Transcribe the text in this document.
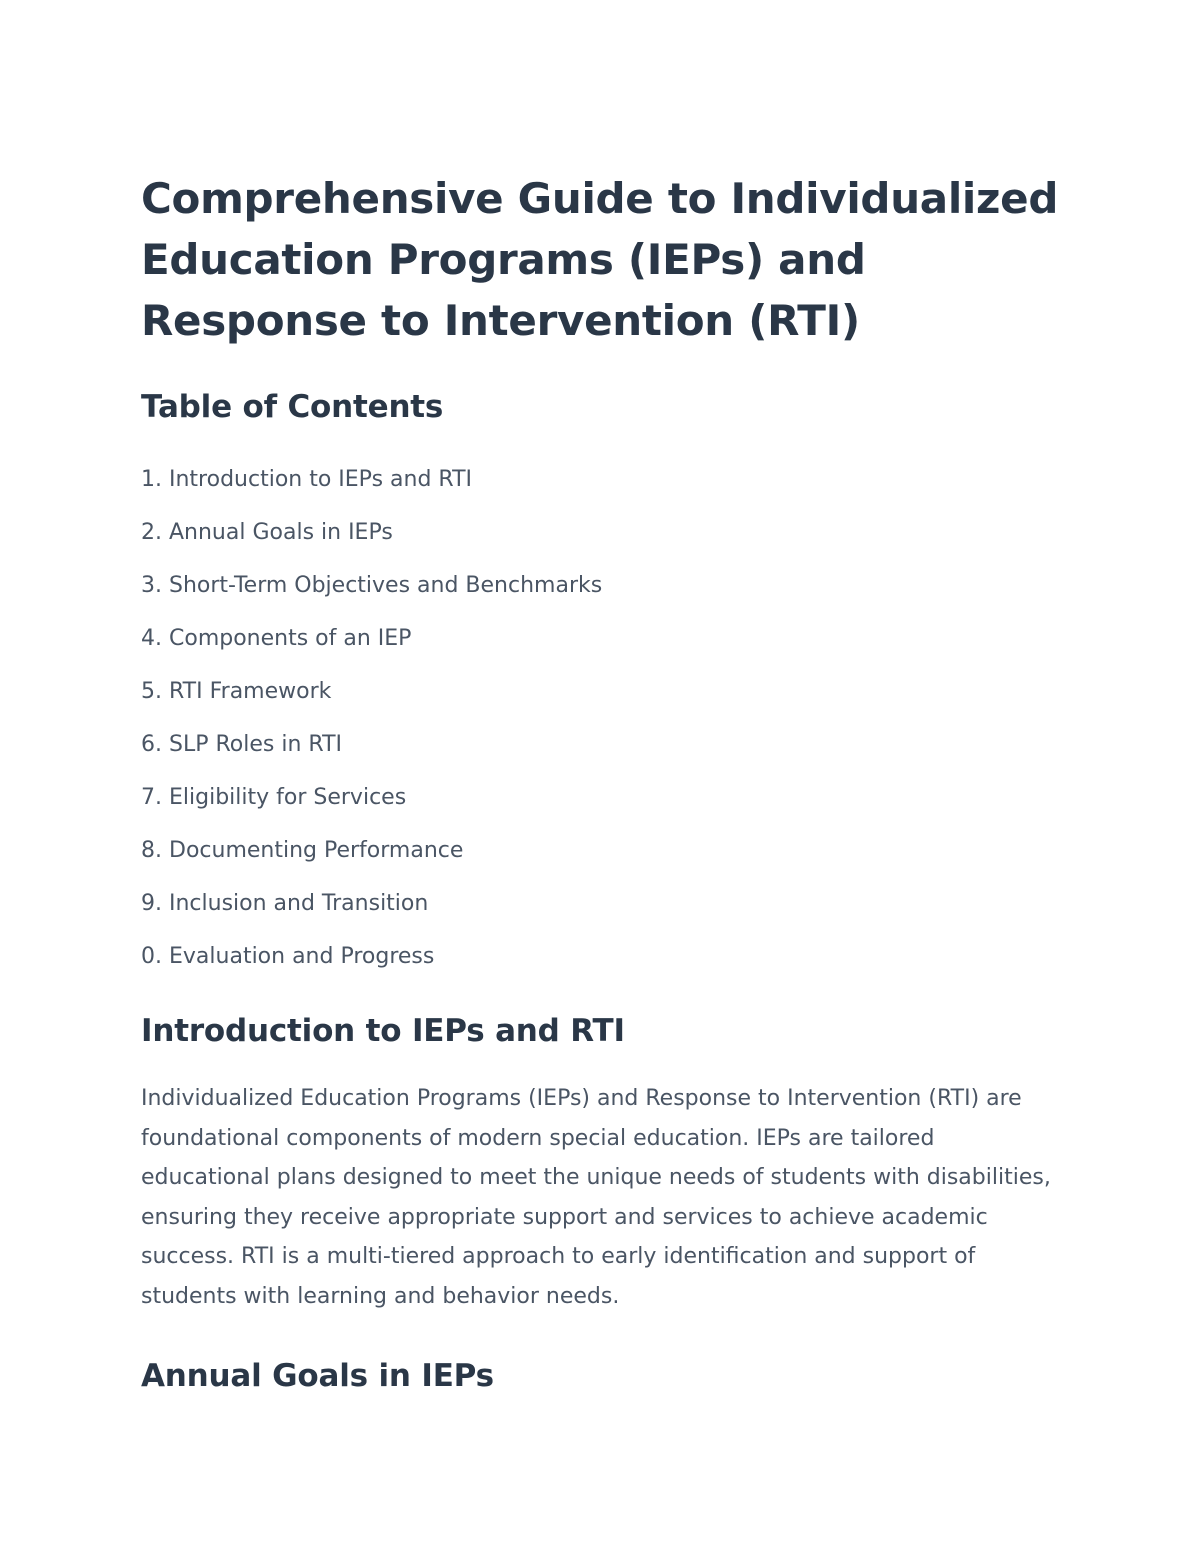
Comprehensive Guide to Individualized Education Programs (IEPs) and Response to Intervention (RTI)
Table of Contents
1. Introduction to IEPs and RTI
2. Annual Goals in IEPs
3. Short-Term Objectives and Benchmarks
4. Components of an IEP
5. RTI Framework
6. SLP Roles in RTI
7. Eligibility for Services
8. Documenting Performance
9. Inclusion and Transition
0. Evaluation and Progress
Introduction to IEPs and RTI

Individualized Education Programs (IEPs) and Response to Intervention (RTI) are foundational components of modern special education. IEPs are tailored educational plans designed to meet the unique needs of students with disabilities, ensuring they receive appropriate support and services to achieve academic success. RTI is a multi-tiered approach to early identification and support of students with learning and behavior needs.

Annual Goals in IEPs
